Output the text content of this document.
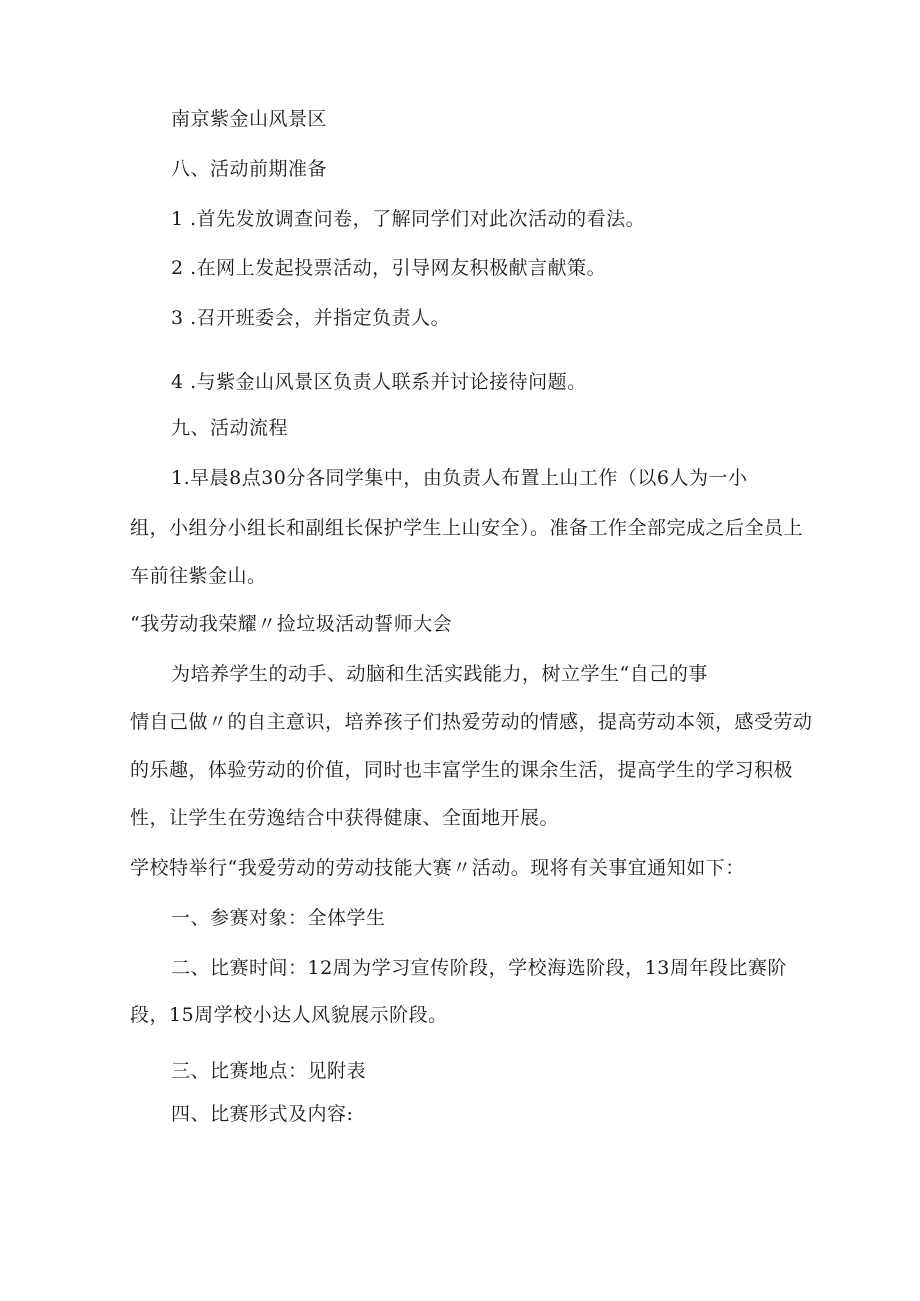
南京紫金山风景区
八、活动前期准备
1 .首先发放调查问卷，了解同学们对此次活动的看法。
2 .在网上发起投票活动，引导网友积极献言献策。
3 .召开班委会，并指定负责人。
4 .与紫金山风景区负责人联系并讨论接待问题。
九、活动流程
1.早晨8点30分各同学集中，由负责人布置上山工作（以6人为一小
组，小组分小组长和副组长保护学生上山安全）。准备工作全部完成之后全员上
车前往紫金山。
“我劳动我荣耀〃捡垃圾活动誓师大会
为培养学生的动手、动脑和生活实践能力，树立学生“自己的事
情自己做〃的自主意识，培养孩子们热爱劳动的情感，提高劳动本领，感受劳动
的乐趣，体验劳动的价值，同时也丰富学生的课余生活，提高学生的学习积极
性，让学生在劳逸结合中获得健康、全面地开展。
学校特举行“我爱劳动的劳动技能大赛〃活动。现将有关事宜通知如下：
一、参赛对象：全体学生
二、比赛时间：12周为学习宣传阶段，学校海选阶段，13周年段比赛阶
段，15周学校小达人风貌展示阶段。
三、比赛地点：见附表
四、比赛形式及内容:
